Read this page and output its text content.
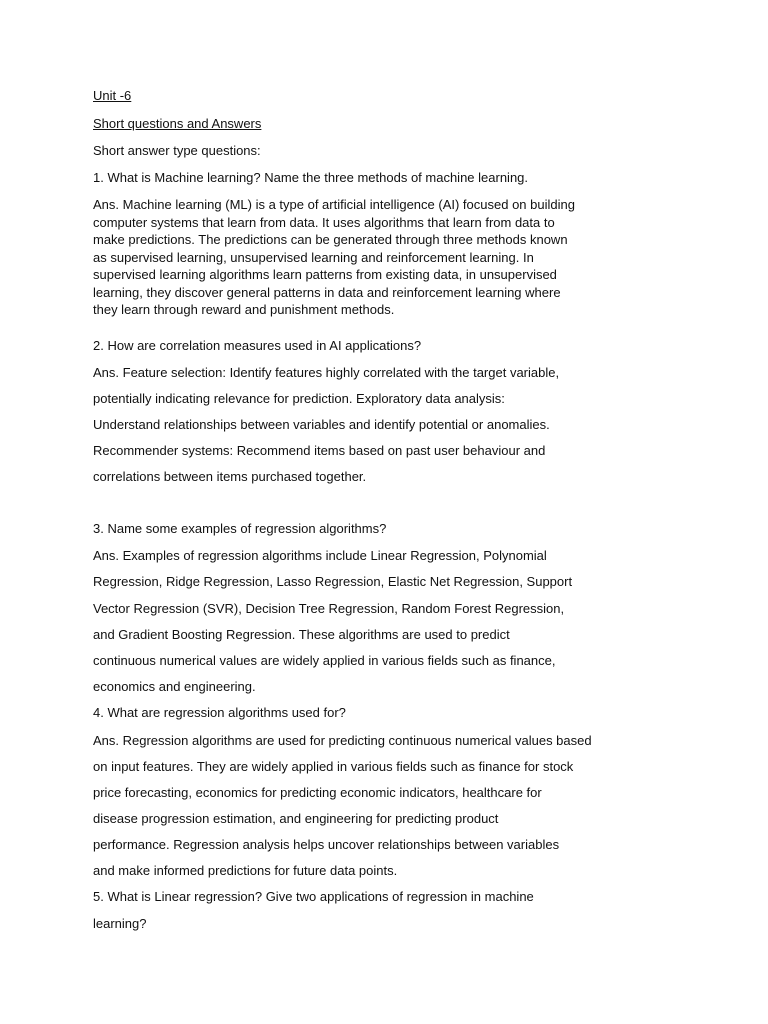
Unit -6
Short questions and Answers
Short answer type questions:
1. What is Machine learning? Name the three methods of machine learning.
Ans. Machine learning (ML) is a type of artificial intelligence (AI) focused on building
computer systems that learn from data. It uses algorithms that learn from data to
make predictions. The predictions can be generated through three methods known
as supervised learning, unsupervised learning and reinforcement learning. In
supervised learning algorithms learn patterns from existing data, in unsupervised
learning, they discover general patterns in data and reinforcement learning where
they learn through reward and punishment methods.
2. How are correlation measures used in AI applications?
Ans. Feature selection: Identify features highly correlated with the target variable,
potentially indicating relevance for prediction. Exploratory data analysis:
Understand relationships between variables and identify potential or anomalies.
Recommender systems: Recommend items based on past user behaviour and
correlations between items purchased together.
3. Name some examples of regression algorithms?
Ans. Examples of regression algorithms include Linear Regression, Polynomial
Regression, Ridge Regression, Lasso Regression, Elastic Net Regression, Support
Vector Regression (SVR), Decision Tree Regression, Random Forest Regression,
and Gradient Boosting Regression. These algorithms are used to predict
continuous numerical values are widely applied in various fields such as finance,
economics and engineering.
4. What are regression algorithms used for?
Ans. Regression algorithms are used for predicting continuous numerical values based
on input features. They are widely applied in various fields such as finance for stock
price forecasting, economics for predicting economic indicators, healthcare for
disease progression estimation, and engineering for predicting product
performance. Regression analysis helps uncover relationships between variables
and make informed predictions for future data points.
5. What is Linear regression? Give two applications of regression in machine
learning?
